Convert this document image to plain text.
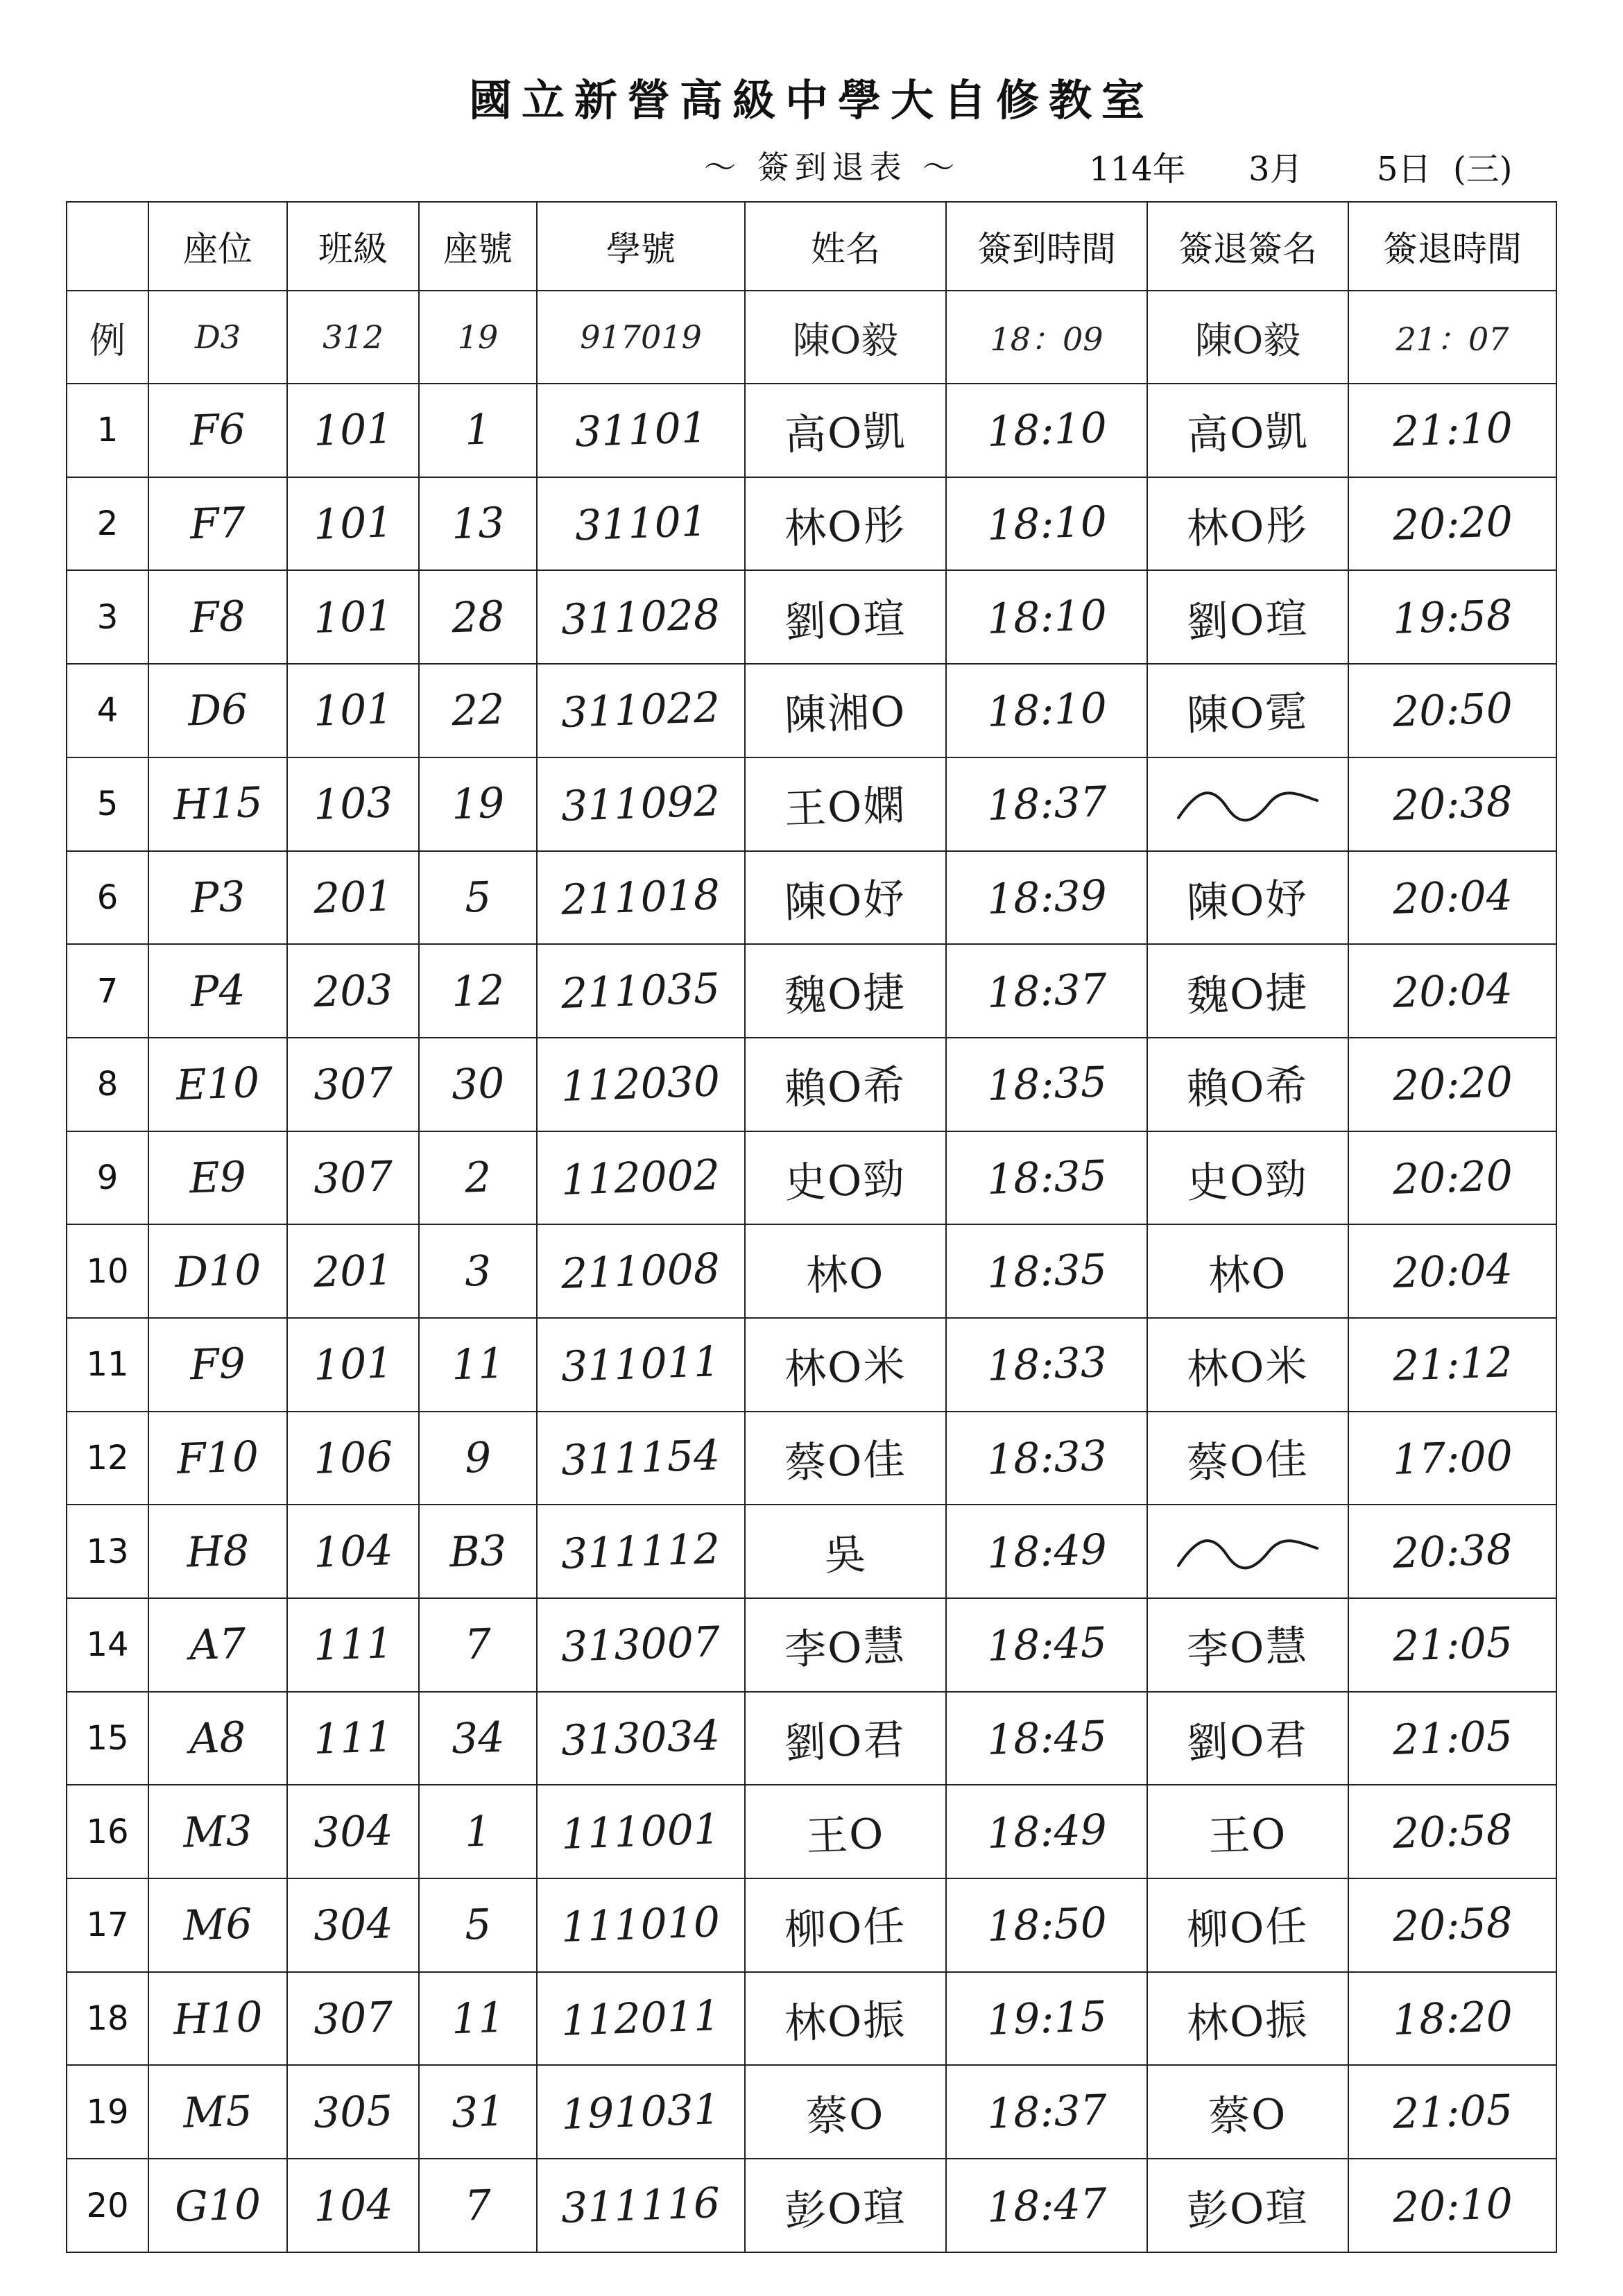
國立新營高級中學大自修教室
～ 簽到退表 ～	114年	3月	5日 (三)
	座位	班級	座號	學號	姓名	簽到時間	簽退簽名	簽退時間
例	D3	312	19	917019	陳O毅	18：09	陳O毅	21：07
1	F6	101	1	31101	高O凱	18:10	高O凱	21:10
2	F7	101	13	31101	林O彤	18:10	林O彤	20:20
3	F8	101	28	311028	劉O瑄	18:10	劉O瑄	19:58
4	D6	101	22	311022	陳湘O	18:10	陳O霓	20:50
5	H15	103	19	311092	王O嫻	18:37		20:38
6	P3	201	5	211018	陳O妤	18:39	陳O妤	20:04
7	P4	203	12	211035	魏O捷	18:37	魏O捷	20:04
8	E10	307	30	112030	賴O希	18:35	賴O希	20:20
9	E9	307	2	112002	史O勁	18:35	史O勁	20:20
10	D10	201	3	211008	林O	18:35	林O	20:04
11	F9	101	11	311011	林O米	18:33	林O米	21:12
12	F10	106	9	311154	蔡O佳	18:33	蔡O佳	17:00
13	H8	104	B3	311112	吳	18:49		20:38
14	A7	111	7	313007	李O慧	18:45	李O慧	21:05
15	A8	111	34	313034	劉O君	18:45	劉O君	21:05
16	M3	304	1	111001	王O	18:49	王O	20:58
17	M6	304	5	111010	柳O任	18:50	柳O任	20:58
18	H10	307	11	112011	林O振	19:15	林O振	18:20
19	M5	305	31	191031	蔡O	18:37	蔡O	21:05
20	G10	104	7	311116	彭O瑄	18:47	彭O瑄	20:10
